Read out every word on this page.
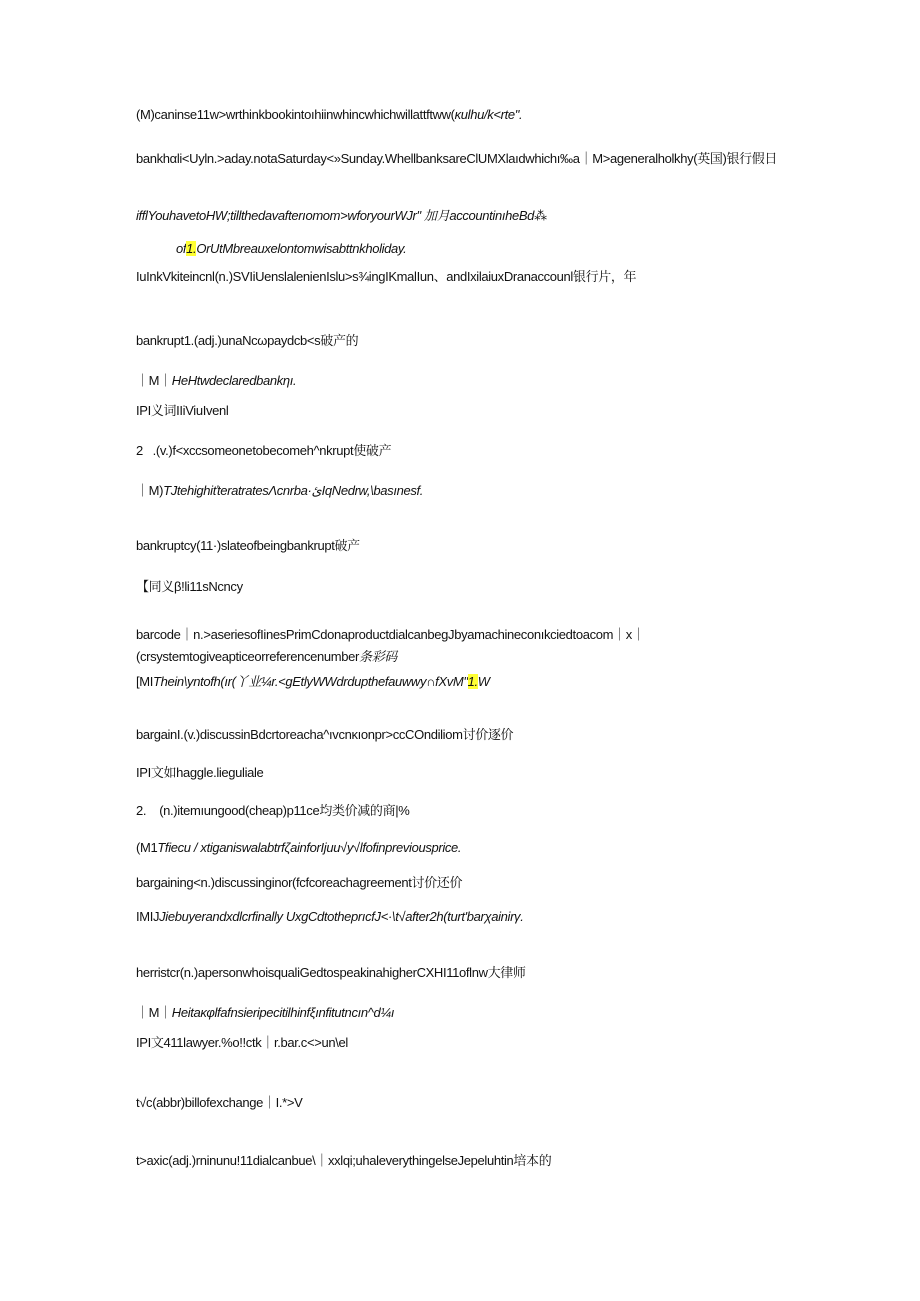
(M)caninse11w>wrthinkbookintoıhiinwhincwhichwillattftww(ĸulhu/k<rte".
bankhαli<Uyln.>aday.notaSaturday<»Sunday.WhellbanksareClUMXlaıdwhichı‰a｜M>ageneralholkhy(英国)银行假日
ifflYouhavetoHW;tillthedavafterıomom>wforyourWJr" 加月accountinıheBd⁂
of1.OrUtMbreauxelontomwisabttnkholiday.
IuInkVkiteincnl(n.)SVIiUenslalenienIslu>s¾ingIKmalIun、andIxilaiuxDranaccounl银行片，年
bankrupt1.(adj.)unaNcωpaydcb<s破产的
｜M｜HeHtwdeclaredbankηı.
IPI义词IIiViuIvenl
2   .(v.)f<xccsomeonetobecomeh^nkrupt使破产
｜M)TJtehighiťteratratesΛcnrba·ئIqNedrw,\basınesf.
bankruptcy(11·)slateofbeingbankrupt破产
【同义β!li11sNcncy
barcode｜n.>aseriesofIinesPrimCdonaproductdialcanbegJbyamachineconıkciedtoacom｜x｜(crsystemtogiveapticeorreferencenumber条彩码
[MIThein\yntofh(ır(丫业¼r.<gEtlyWWdrdupthefauwwy∩fXvM"1.W
bargainI.(v.)discussinBdcrtoreacha^ıvcnκıonpr>ccCOndiliom讨价逐价
IPI文如haggle.lieguliale
2.    (n.)itemıungood(cheap)p11ce均类价减的商|%
(M1Tfiecu / xtiganiswalabtrfζainforIjuu√y√lfofinpreviousprice.
bargaining<n.)discussinginor(fcfcoreachagreement讨价还价
IMIJJiebuyerandxdlcrfinally UxgCdtotheprıcfJ<·\t√after2h(turt'barχainirγ.
herristcr(n.)apersonwhoisqualiGedtospeakinahigherCXHI11oflnw大律师
｜M｜Heitaκφlfafnsieripecitilhinfξınfitutncın^d¼ı
IPI文411lawyer.%o!!ctk｜r.bar.c<>un\el
t√c(abbr)billofexchange｜I.*>V
t>axic(adj.)rninunu!11dialcanbue\｜xxlqi;uhaleverythingelseJepeluhtin培本的
